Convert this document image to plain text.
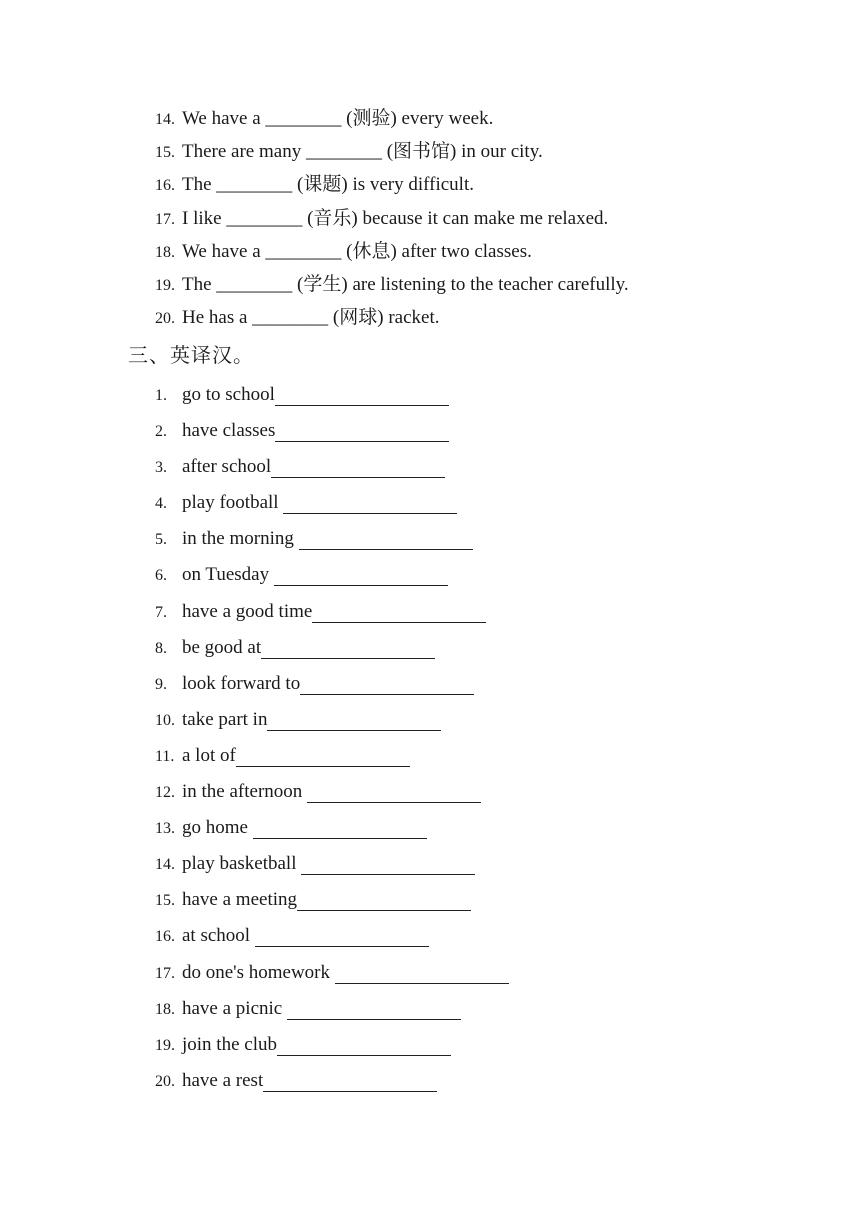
14. We have a ________ (测验) every week.
15. There are many ________ (图书馆) in our city.
16. The ________ (课题) is very difficult.
17. I like ________ (音乐) because it can make me relaxed.
18. We have a ________ (休息) after two classes.
19. The ________ (学生) are listening to the teacher carefully.
20. He has a ________ (网球) racket.
三、英译汉。
1. go to school
2. have classes
3. after school
4. play football
5. in the morning
6. on Tuesday
7. have a good time
8. be good at
9. look forward to
10. take part in
11. a lot of
12. in the afternoon
13. go home
14. play basketball
15. have a meeting
16. at school
17. do one's homework
18. have a picnic
19. join the club
20. have a rest
